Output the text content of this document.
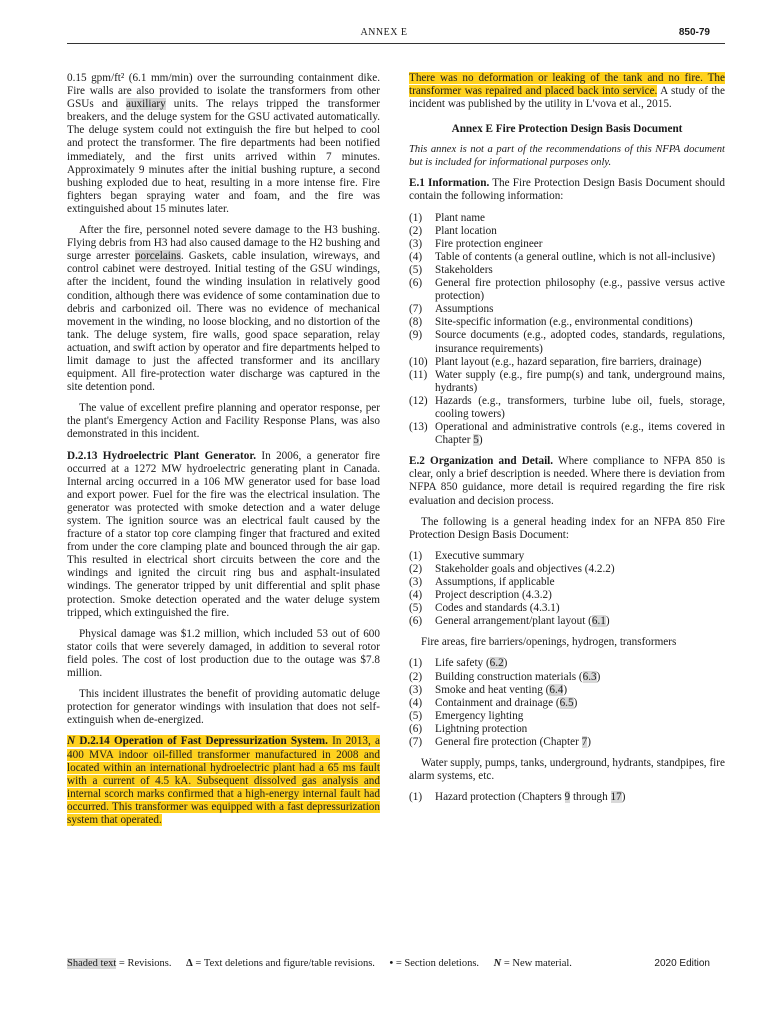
ANNEX E	850-79

0.15 gpm/ft² (6.1 mm/min) over the surrounding containment dike. Fire walls are also provided to isolate the transformers from other GSUs and auxiliary units. The relays tripped the transformer breakers, and the deluge system for the GSU activated automatically. The deluge system could not extinguish the fire but helped to cool and protect the transformer. The fire departments had been notified immediately, and the first units arrived within 7 minutes. Approximately 9 minutes after the initial bushing rupture, a second bushing exploded due to heat, resulting in a more intense fire. Fire fighters began spraying water and foam, and the fire was extinguished about 15 minutes later.

After the fire, personnel noted severe damage to the H3 bushing. Flying debris from H3 had also caused damage to the H2 bushing and surge arrester porcelains. Gaskets, cable insulation, wireways, and control cabinet were destroyed. Initial testing of the GSU windings, after the incident, found the winding insulation in relatively good condition, although there was evidence of some contamination due to debris and carbonized oil. There was no evidence of mechanical movement in the winding, no loose blocking, and no distortion of the tank. The deluge system, fire walls, good space separation, relay actuation, and swift action by operator and fire departments helped to limit damage to just the affected transformer and its ancillary equipment. All fire-protection water discharge was captured in the site detention pond.

The value of excellent prefire planning and operator response, per the plant's Emergency Action and Facility Response Plans, was also demonstrated in this incident.

D.2.13 Hydroelectric Plant Generator. In 2006, a generator fire occurred at a 1272 MW hydroelectric generating plant in Canada. Internal arcing occurred in a 106 MW generator used for base load and export power. Fuel for the fire was the electrical insulation. The generator was protected with smoke detection and a water deluge system. The ignition source was an electrical fault caused by the fracture of a stator top core clamping finger that fractured and exited from under the core clamping plate and bounced through the air gap. This resulted in electrical short circuits between the core and the windings and ignited the circuit ring bus and asphalt-insulated windings. The generator tripped by unit differential and split phase protection. Smoke detection operated and the water deluge system tripped, which extinguished the fire.

Physical damage was $1.2 million, which included 53 out of 600 stator coils that were severely damaged, in addition to several rotor field poles. The cost of lost production due to the outage was $7.8 million.

This incident illustrates the benefit of providing automatic deluge protection for generator windings with insulation that does not self-extinguish when de-energized.

N D.2.14 Operation of Fast Depressurization System. In 2013, a 400 MVA indoor oil-filled transformer manufactured in 2008 and located within an international hydroelectric plant had a 65 ms fault with a current of 4.5 kA. Subsequent dissolved gas analysis and internal scorch marks confirmed that a high-energy internal fault had occurred. This transformer was equipped with a fast depressurization system that operated.

There was no deformation or leaking of the tank and no fire. The transformer was repaired and placed back into service. A study of the incident was published by the utility in L'vova et al., 2015.

Annex E Fire Protection Design Basis Document
This annex is not a part of the recommendations of this NFPA document but is included for informational purposes only.

E.1 Information. The Fire Protection Design Basis Document should contain the following information:

(1)	Plant name
(2)	Plant location
(3)	Fire protection engineer
(4)	Table of contents (a general outline, which is not all-inclusive)
(5)	Stakeholders
(6)	General fire protection philosophy (e.g., passive versus active protection)
(7)	Assumptions
(8)	Site-specific information (e.g., environmental conditions)
(9)	Source documents (e.g., adopted codes, standards, regulations, insurance requirements)
(10) Plant layout (e.g., hazard separation, fire barriers, drainage)
(11) Water supply (e.g., fire pump(s) and tank, underground mains, hydrants)
(12) Hazards (e.g., transformers, turbine lube oil, fuels, storage, cooling towers)
(13) Operational and administrative controls (e.g., items covered in Chapter 5)

E.2 Organization and Detail. Where compliance to NFPA 850 is clear, only a brief description is needed. Where there is deviation from NFPA 850 guidance, more detail is required regarding the fire risk evaluation and decision process.

The following is a general heading index for an NFPA 850 Fire Protection Design Basis Document:

(1)	Executive summary
(2)	Stakeholder goals and objectives (4.2.2)
(3)	Assumptions, if applicable
(4)	Project description (4.3.2)
(5)	Codes and standards (4.3.1)
(6)	General arrangement/plant layout (6.1)

Fire areas, fire barriers/openings, hydrogen, transformers

(1)	Life safety (6.2)
(2)	Building construction materials (6.3)
(3)	Smoke and heat venting (6.4)
(4)	Containment and drainage (6.5)
(5)	Emergency lighting
(6)	Lightning protection
(7)	General fire protection (Chapter 7)

Water supply, pumps, tanks, underground, hydrants, standpipes, fire alarm systems, etc.

(1)	Hazard protection (Chapters 9 through 17)
Shaded text = Revisions. Δ = Text deletions and figure/table revisions. • = Section deletions. N = New material.	2020 Edition
